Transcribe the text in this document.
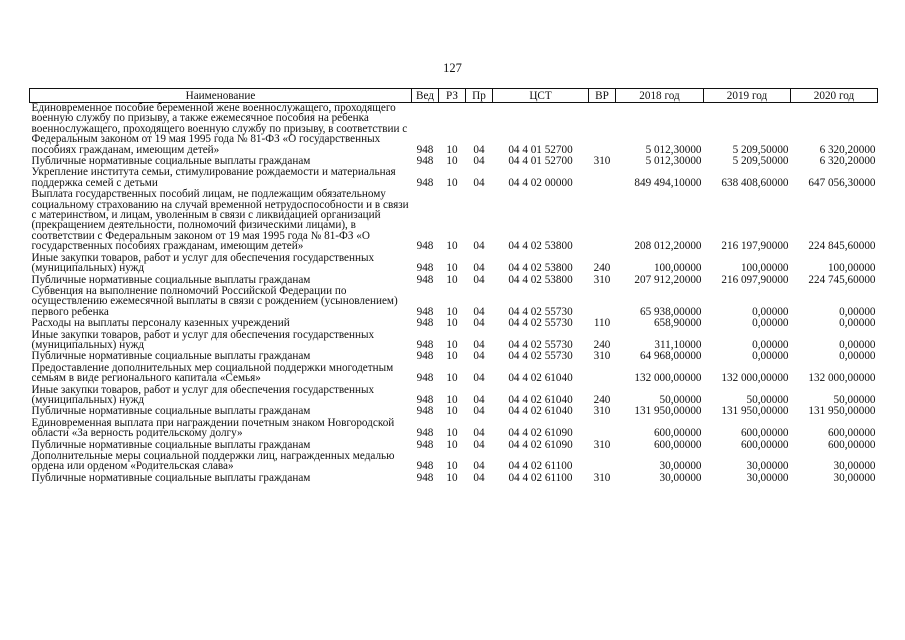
127
Наименование	Вед	РЗ	Пр	ЦСТ	ВР	2018 год	2019 год	2020 год
Единовременное пособие беременной жене военнослужащего, проходящего военную службу по призыву, а также ежемесячное пособия на ребенка военнослужащего, проходящего военную службу по призыву, в соответствии с Федеральным законом от 19 мая 1995 года № 81-ФЗ «О государственных пособиях гражданам, имеющим детей»	948	10	04	04 4 01 52700		5 012,30000	5 209,50000	6 320,20000
Публичные нормативные социальные выплаты гражданам	948	10	04	04 4 01 52700	310	5 012,30000	5 209,50000	6 320,20000
Укрепление института семьи, стимулирование рождаемости и материальная поддержка семей с детьми	948	10	04	04 4 02 00000		849 494,10000	638 408,60000	647 056,30000
Выплата государственных пособий лицам, не подлежащим обязательному социальному страхованию на случай временной нетрудоспособности и в связи с материнством, и лицам, уволенным в связи с ликвидацией организаций (прекращением деятельности, полномочий физическими лицами), в соответствии с Федеральным законом от 19 мая 1995 года № 81-ФЗ «О государственных пособиях гражданам, имеющим детей»	948	10	04	04 4 02 53800		208 012,20000	216 197,90000	224 845,60000
Иные закупки товаров, работ и услуг для обеспечения государственных (муниципальных) нужд	948	10	04	04 4 02 53800	240	100,00000	100,00000	100,00000
Публичные нормативные социальные выплаты гражданам	948	10	04	04 4 02 53800	310	207 912,20000	216 097,90000	224 745,60000
Субвенция на выполнение полномочий Российской Федерации по осуществлению ежемесячной выплаты в связи с рождением (усыновлением) первого ребенка	948	10	04	04 4 02 55730		65 938,00000	0,00000	0,00000
Расходы на выплаты персоналу казенных учреждений	948	10	04	04 4 02 55730	110	658,90000	0,00000	0,00000
Иные закупки товаров, работ и услуг для обеспечения государственных (муниципальных) нужд	948	10	04	04 4 02 55730	240	311,10000	0,00000	0,00000
Публичные нормативные социальные выплаты гражданам	948	10	04	04 4 02 55730	310	64 968,00000	0,00000	0,00000
Предоставление дополнительных мер социальной поддержки многодетным семьям в виде регионального капитала «Семья»	948	10	04	04 4 02 61040		132 000,00000	132 000,00000	132 000,00000
Иные закупки товаров, работ и услуг для обеспечения государственных (муниципальных) нужд	948	10	04	04 4 02 61040	240	50,00000	50,00000	50,00000
Публичные нормативные социальные выплаты гражданам	948	10	04	04 4 02 61040	310	131 950,00000	131 950,00000	131 950,00000
Единовременная выплата при награждении почетным знаком Новгородской области «За верность родительскому долгу»	948	10	04	04 4 02 61090		600,00000	600,00000	600,00000
Публичные нормативные социальные выплаты гражданам	948	10	04	04 4 02 61090	310	600,00000	600,00000	600,00000
Дополнительные меры социальной поддержки лиц, награжденных медалью ордена или орденом «Родительская слава»	948	10	04	04 4 02 61100		30,00000	30,00000	30,00000
Публичные нормативные социальные выплаты гражданам	948	10	04	04 4 02 61100	310	30,00000	30,00000	30,00000
